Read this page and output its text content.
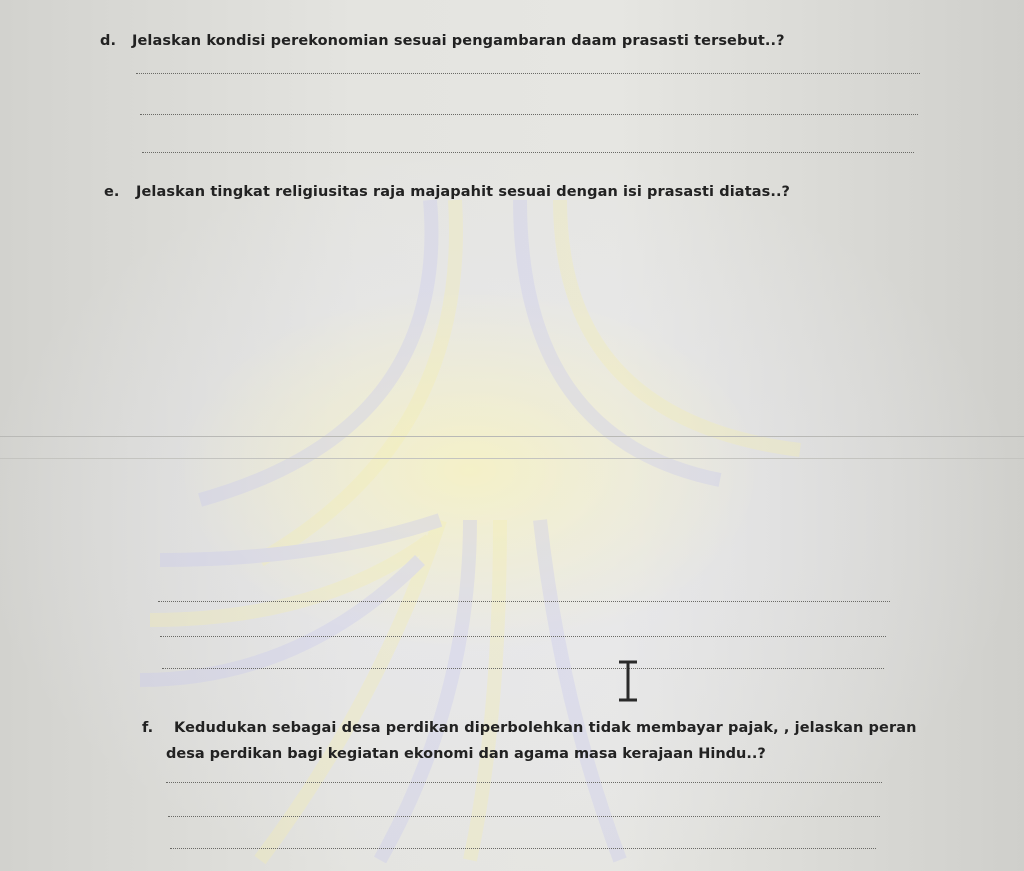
d. Jelaskan kondisi perekonomian sesuai pengambaran daam prasasti tersebut..?
e. Jelaskan tingkat religiusitas raja majapahit sesuai dengan isi prasasti diatas..?
f. Kedudukan sebagai desa perdikan diperbolehkan tidak membayar pajak, , jelaskan peran
desa perdikan bagi kegiatan ekonomi dan agama masa kerajaan Hindu..?
